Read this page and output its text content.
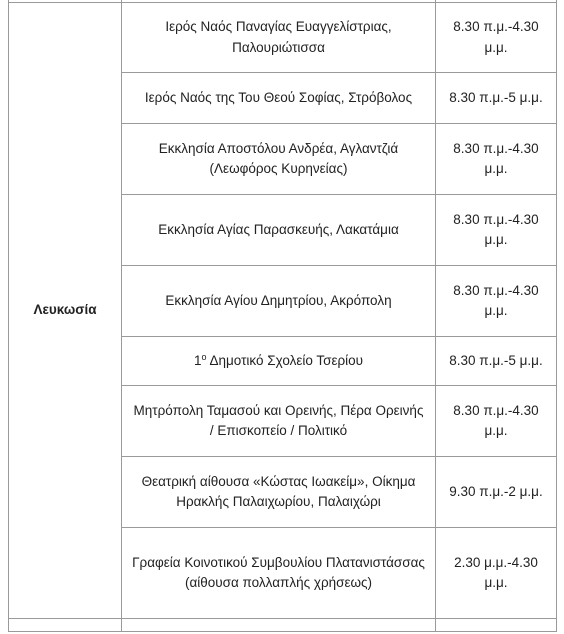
Λευκωσία	Ιερός Ναός Παναγίας Ευαγγελίστριας, Παλουριώτισσα	8.30 π.μ.-4.30 μ.μ.
	Ιερός Ναός της Του Θεού Σοφίας, Στρόβολος	8.30 π.μ.-5 μ.μ.
	Εκκλησία Αποστόλου Ανδρέα, Αγλαντζιά (Λεωφόρος Κυρηνείας)	8.30 π.μ.-4.30 μ.μ.
	Εκκλησία Αγίας Παρασκευής, Λακατάμια	8.30 π.μ.-4.30 μ.μ.
	Εκκλησία Αγίου Δημητρίου, Ακρόπολη	8.30 π.μ.-4.30 μ.μ.
	$1^o$ Δημοτικό Σχολείο Τσερίου	8.30 π.μ.-5 μ.μ.
	Μητρόπολη Ταμασού και Ορεινής, Πέρα Ορεινής / Επισκοπείο / Πολιτικό	8.30 π.μ.-4.30 μ.μ.
	Θεατρική αίθουσα «Κώστας Ιωακείμ», Οίκημα Ηρακλής Παλαιχωρίου, Παλαιχώρι	9.30 π.μ.-2 μ.μ.
	Γραφεία Κοινοτικού Συμβουλίου Πλατανιστάσσας (αίθουσα πολλαπλής χρήσεως)	2.30 μ.μ.-4.30 μ.μ.
